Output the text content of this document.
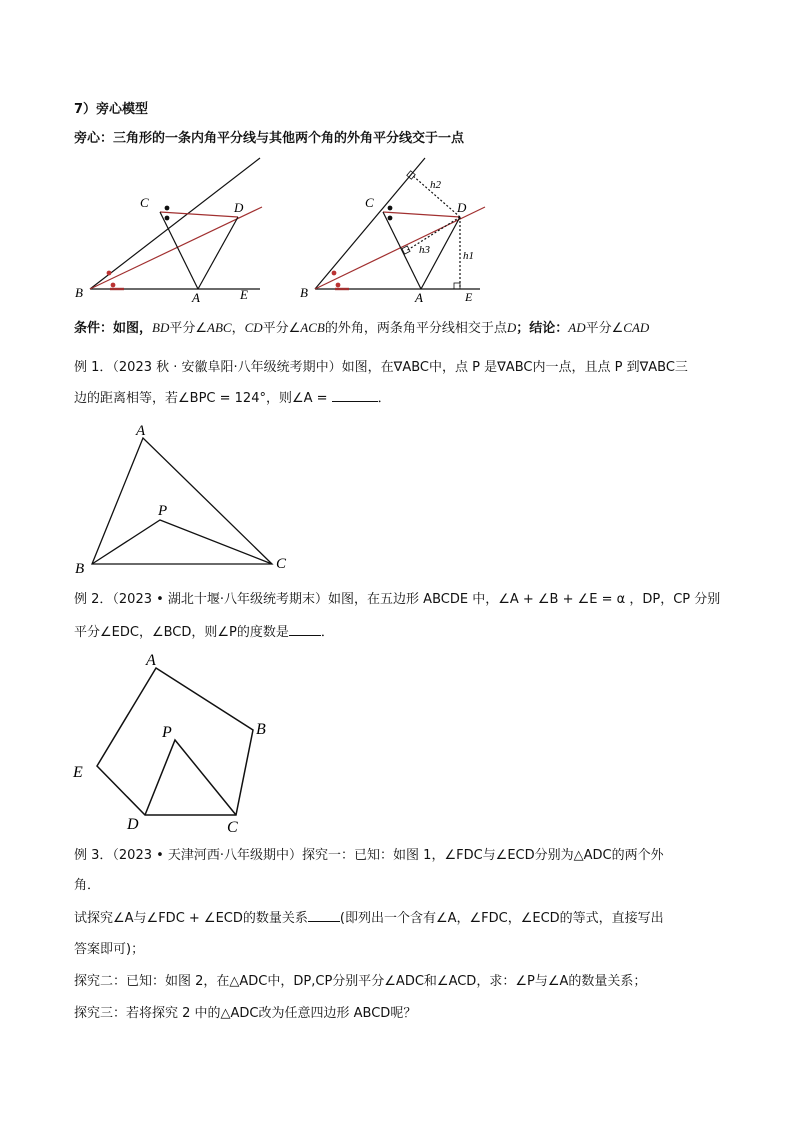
7）旁心模型
旁心：三角形的一条内角平分线与其他两个角的外角平分线交于一点
C	D
B	A	E
C	D
B	A	E
h2
h1
h3
条件：如图，BD平分∠ABC，CD平分∠ACB的外角，两条角平分线相交于点D；结论：AD平分∠CAD
例 1．（2023 秋 · 安徽阜阳·八年级统考期中）如图，在∇ABC中，点 P 是∇ABC内一点，且点 P 到∇ABC三
边的距离相等，若∠BPC = 124°，则∠A =	．
A
B	C
P
例 2．（2023 • 湖北十堰·八年级统考期末）如图，在五边形 ABCDE 中，∠A + ∠B + ∠E = α ，DP，CP 分别
平分∠EDC，∠BCD，则∠P的度数是 ．
A
B
C
D
E
P
例 3．（2023 • 天津河西·八年级期中）探究一：已知：如图 1，∠FDC与∠ECD分别为△ADC的两个外
角．
试探究∠A与∠FDC + ∠ECD的数量关系 (即列出一个含有∠A，∠FDC，∠ECD的等式，直接写出
答案即可)；
探究二：已知：如图 2，在△ADC中，DP,CP分别平分∠ADC和∠ACD，求：∠P与∠A的数量关系；
探究三：若将探究 2 中的△ADC改为任意四边形 ABCD呢？
